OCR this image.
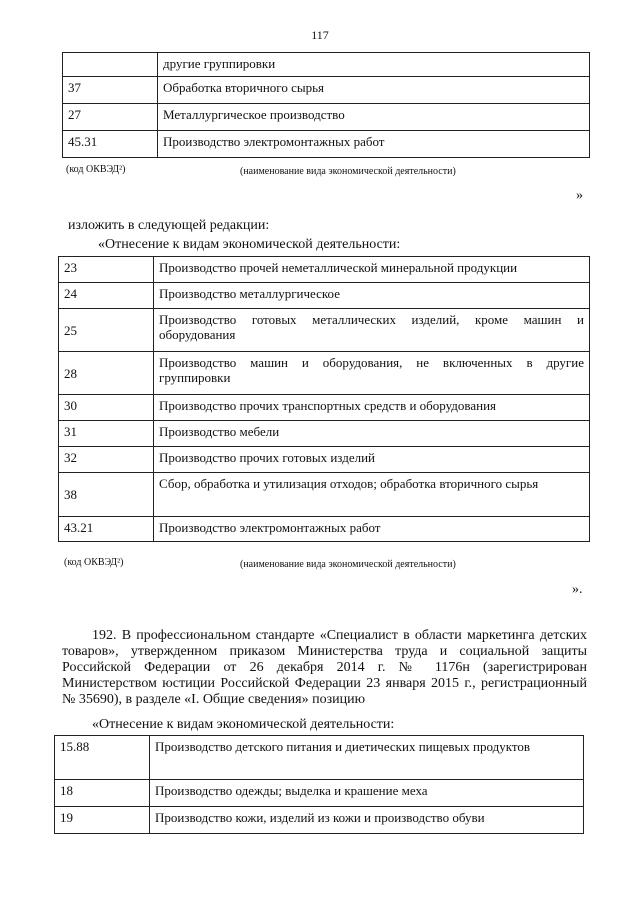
117
	другие группировки
37	Обработка вторичного сырья
27	Металлургическое производство
45.31	Производство электромонтажных работ
(код ОКВЭД²)	(наименование вида экономической деятельности)
»
изложить в следующей редакции:
«Отнесение к видам экономической деятельности:
23	Производство прочей неметаллической минеральной продукции
24	Производство металлургическое
25	Производство готовых металлических изделий, кроме машин и оборудования
28	Производство машин и оборудования, не включенных в другие группировки
30	Производство прочих транспортных средств и оборудования
31	Производство мебели
32	Производство прочих готовых изделий
38	Сбор, обработка и утилизация отходов; обработка вторичного сырья
43.21	Производство электромонтажных работ
(код ОКВЭД²)	(наименование вида экономической деятельности)
».
192. В профессиональном стандарте «Специалист в области маркетинга детских товаров», утвержденном приказом Министерства труда и социальной защиты Российской Федерации от 26 декабря 2014 г. № 1176н (зарегистрирован Министерством юстиции Российской Федерации 23 января 2015 г., регистрационный № 35690), в разделе «I. Общие сведения» позицию
«Отнесение к видам экономической деятельности:
15.88	Производство детского питания и диетических пищевых продуктов
18	Производство одежды; выделка и крашение меха
19	Производство кожи, изделий из кожи и производство обуви
